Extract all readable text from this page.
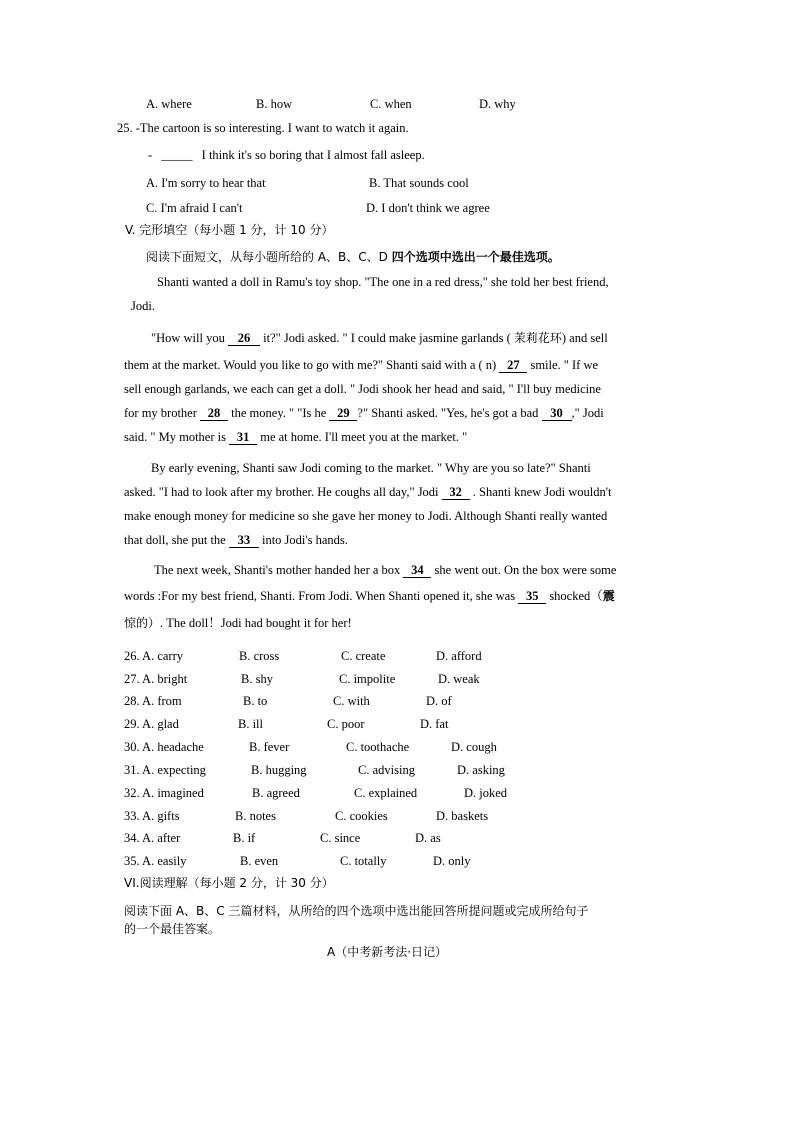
A. where	B. how	C. when	D. why
25. -The cartoon is so interesting. I want to watch it again.
- _____ I think it's so boring that I almost fall asleep.
A. I'm sorry to hear that	B. That sounds cool
C. I'm afraid I can't	D. I don't think we agree
V. 完形填空（每小题 1 分，计 10 分）
阅读下面短文，从每小题所给的 A、B、C、D 四个选项中选出一个最佳选项。
Shanti wanted a doll in Ramu's toy shop. "The one in a red dress," she told her best friend,
Jodi.
"How will you 26 it?" Jodi asked. " I could make jasmine garlands ( 茉莉花环) and sell
them at the market. Would you like to go with me?" Shanti said with a ( n) 27 smile. " If we
sell enough garlands, we each can get a doll. " Jodi shook her head and said, " I'll buy medicine
for my brother 28 the money. " "Is he 29 ?" Shanti asked. "Yes, he's got a bad 30 ," Jodi
said. " My mother is 31 me at home. I'll meet you at the market. "
By early evening, Shanti saw Jodi coming to the market. " Why are you so late?" Shanti
asked. "I had to look after my brother. He coughs all day," Jodi 32 . Shanti knew Jodi wouldn't
make enough money for medicine so she gave her money to Jodi. Although Shanti really wanted
that doll, she put the 33 into Jodi's hands.
The next week, Shanti's mother handed her a box 34 she went out. On the box were some
words :For my best friend, Shanti. From Jodi. When Shanti opened it, she was 35 shocked（震
惊的）. The doll！Jodi had bought it for her!
26. A. carry	B. cross	C. create	D. afford
27. A. bright	B. shy	C. impolite	D. weak
28. A. from	B. to	C. with	D. of
29. A. glad	B. ill	C. poor	D. fat
30. A. headache	B. fever	C. toothache	D. cough
31. A. expecting	B. hugging	C. advising	D. asking
32. A. imagined	B. agreed	C. explained	D. joked
33. A. gifts	B. notes	C. cookies	D. baskets
34. A. after	B. if	C. since	D. as
35. A. easily	B. even	C. totally	D. only
VI.阅读理解（每小题 2 分，计 30 分）
阅读下面 A、B、C 三篇材料，从所给的四个选项中选出能回答所提问题或完成所给句子
的一个最佳答案。
A（中考新考法·日记）
